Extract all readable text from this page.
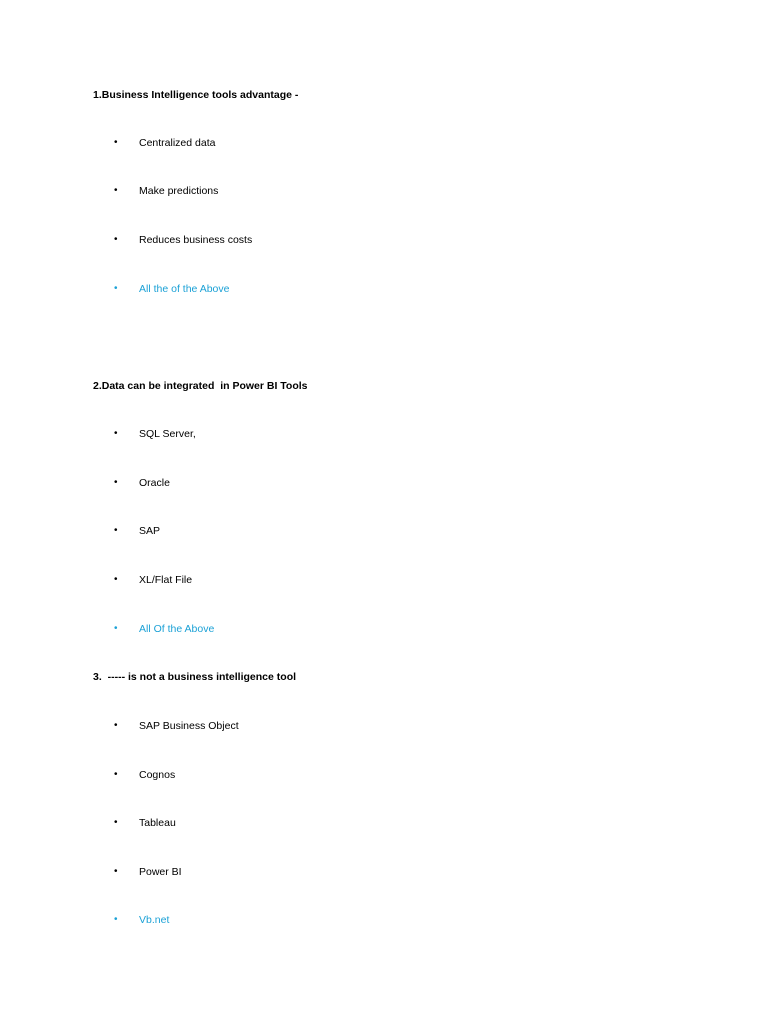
1.Business Intelligence tools advantage -
• Centralized data
• Make predictions
• Reduces business costs
• All the of the Above
2.Data can be integrated  in Power BI Tools
• SQL Server,
• Oracle
• SAP
• XL/Flat File
• All Of the Above
3.  ----- is not a business intelligence tool
• SAP Business Object
• Cognos
• Tableau
• Power BI
• Vb.net
